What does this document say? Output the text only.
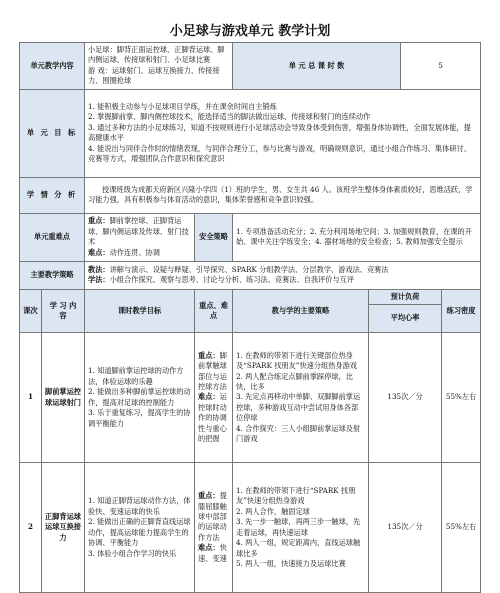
小足球与游戏单元 教学计划
单元教学内容		小足球：脚背正面运控球、正脚背运球、脚内侧运球、传接球和射门、小足球比赛
游 戏：运球射门、运球互换接力、传接接力、围圈抢球		单 元 总 课 时 数		5	
单 元 目 标		1. 能积极主动参与小足球项目学练，并在课余时间自主锻炼
2. 掌握脚前掌、脚内侧控球技术，能选择适当的脚法做出运球、传接球和射门的连续动作
3. 通过多种方法的小足球练习，知道不按规则进行小足球活动会导致身体受到伤害，增强身体协调性，全面发展体能，提高健康水平
4. 能说出与同伴合作时的情绪表现，与同伴合理分工，参与比赛与游戏，明确规则意识，通过小组合作练习、集体研讨、竞赛等方式，增强团队合作意识和探究意识					

学 情 分 析		授课班级为成都天府新区兴隆小学四（1）班的学生，男、女生共 46 人。该班学生整体身体素质较好，思维活跃，学习能力强，具有积极参与体育活动的意识，集体荣誉感和竞争意识较强。					
单元重难点		重点：脚前掌控球、正脚背运球、脚内侧运球及传球、射门技术
难点：动作连贯、协调	安全策略	1. 专项准备活动充分；2. 充分利用场地空间；3. 加强规则教育，在课的开始、课中关注学练安全；4. 器材场地的安全检查；5. 教师加强安全提示			
主要教学策略		教法：讲解与演示、设疑与释疑、引导探究、SPARK 分组教学法、分层教学、游戏法、竞赛法
学法：小组合作探究、观察与思考、讨论与分析、练习法、竞赛法、自我评价与互评					

课次	学 习 内 容	课时教学目标	重点、难点	教与学的主要策略	预计负荷		练习密度
					平均心率		
1	脚前掌运控球运球射门	1. 知道脚前掌运控球的动作方法，体验运球的乐趣
2. 能做出多种脚前掌运控球的动作，提高对足球的控制能力
3. 乐于重复练习，提高学生的协调平衡能力	重点：脚前掌触球部位与运控球方法
难点：运控球时动作的协调性与重心的把握	1. 在教师的带领下进行关键部位热身及“SPARK 找朋友”快速分组热身游戏
2. 两人配合练定点脚前掌踩停球，比快，比多
3. 先定点再移动中单脚、双脚脚前掌运控球，多种游戏互动中尝试用身体各部位停球
4. 合作探究：三人小组脚前掌运球及射门游戏	135次／分		55%左右
2	正脚背运球运球互换接力	1. 知道正脚背运球动作方法，体验快、变速运球的快乐
2. 能做出正确的正脚背直线运球动作，提高运球能力提高学生的协调、平衡能力
3. 体验小组合作学习的快乐	重点：提膝屈膝触球中部部的运球动作方法
难点：快速、变速	1. 在教师的带领下进行“SPARK 找朋友”快速分组热身游戏
2. 两人合作，触固定球
3. 先一步一触球，再两三步一触球，先走着运球，再快速运球
4. 两人一组，规定距离内，直线运球触球比多
5. 两人一组，快速接力及运球比赛	135次／分		55%左右
